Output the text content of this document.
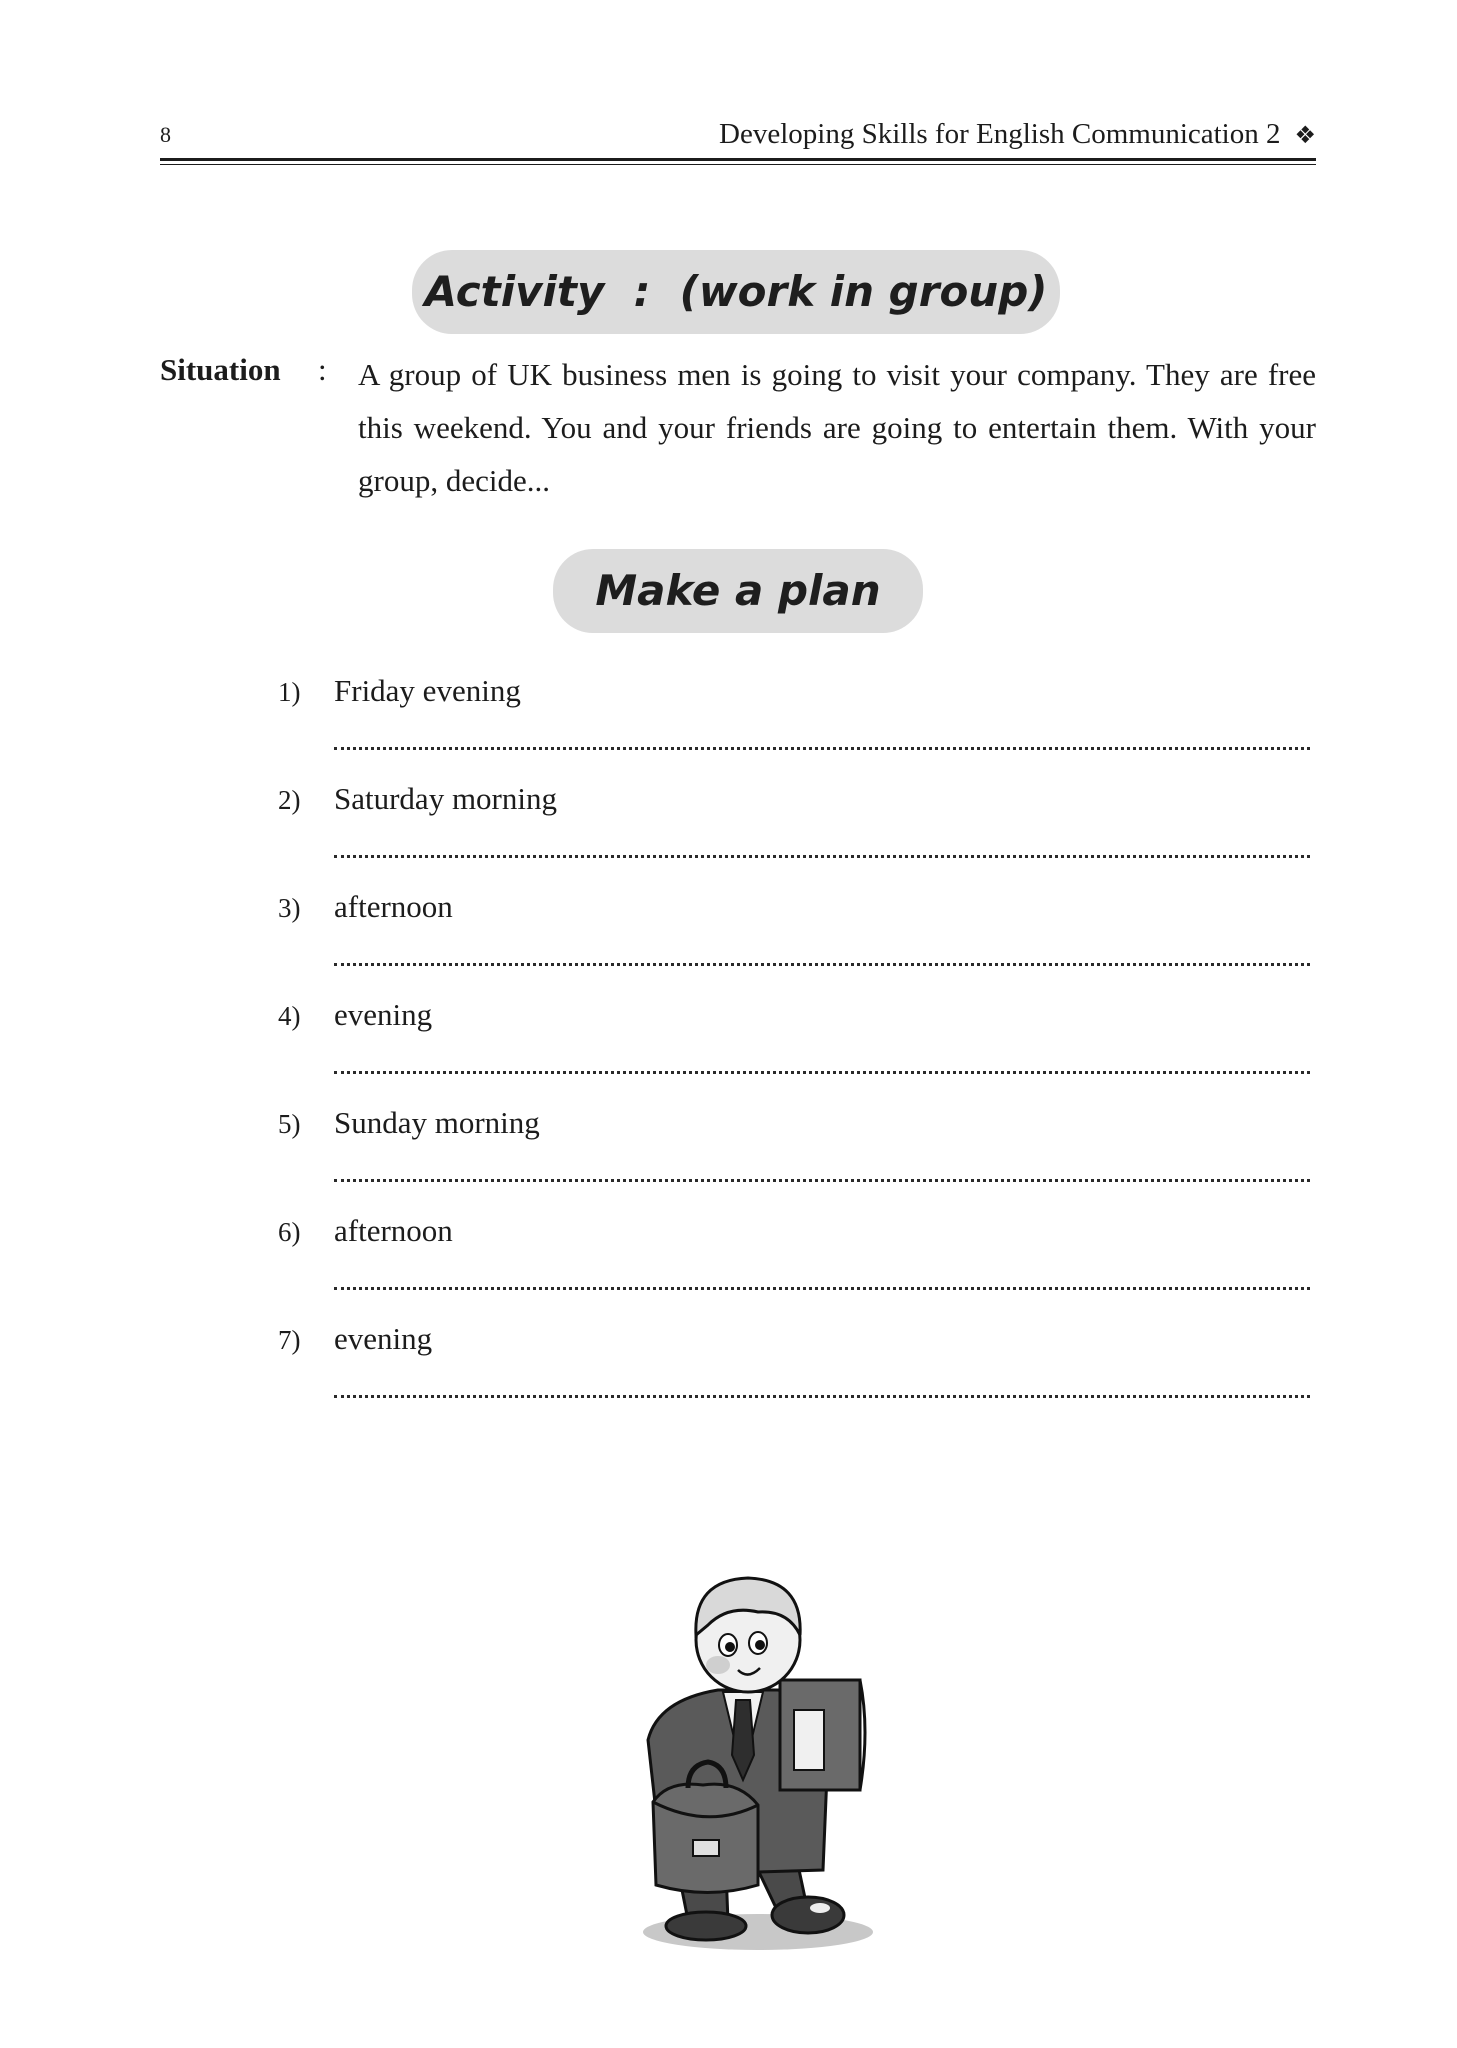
8	Developing Skills for English Communication 2 ❖
Activity  :  (work in group)
Situation : A group of UK business men is going to visit your company. They are free this weekend. You and your friends are going to entertain them. With your group, decide...
Make a plan
1) Friday evening
2) Saturday morning
3) afternoon
4) evening
5) Sunday morning
6) afternoon
7) evening
